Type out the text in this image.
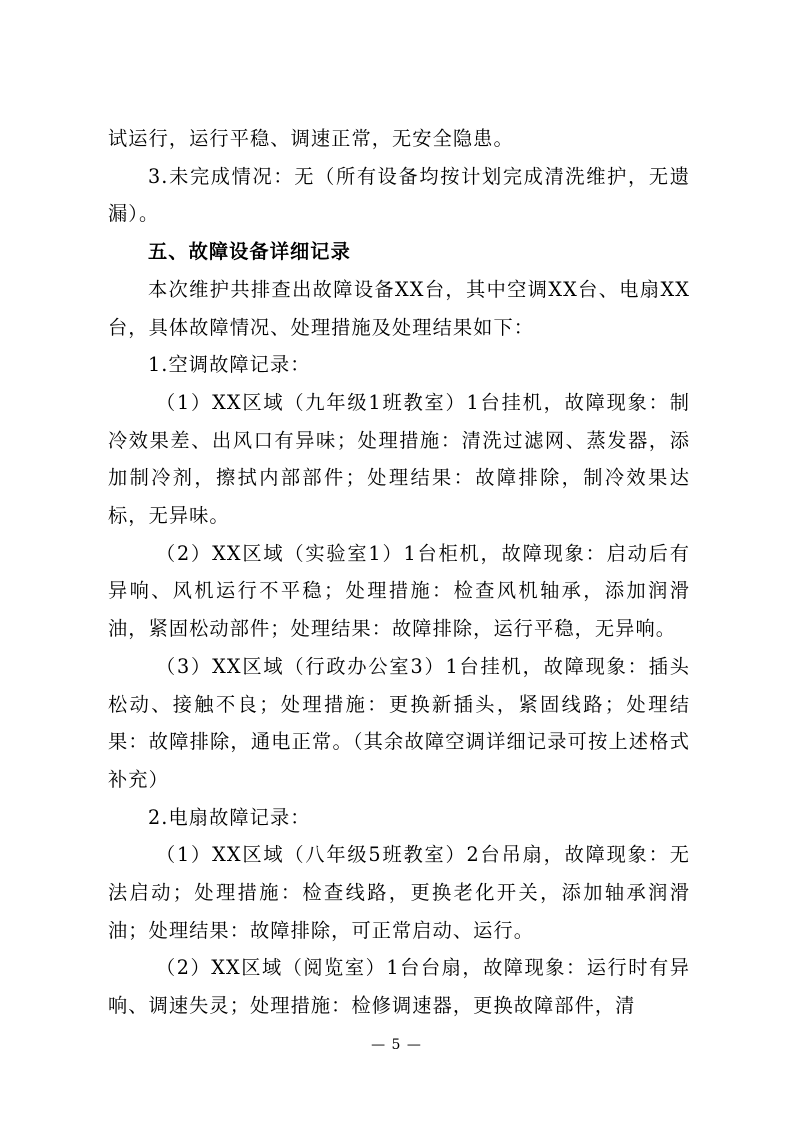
试运行，运行平稳、调速正常，无安全隐患。

3.未完成情况：无（所有设备均按计划完成清洗维护，无遗漏）。

五、故障设备详细记录

本次维护共排查出故障设备XX台，其中空调XX台、电扇XX台，具体故障情况、处理措施及处理结果如下：

1.空调故障记录：

（1）XX区域（九年级1班教室）1台挂机，故障现象：制冷效果差、出风口有异味；处理措施：清洗过滤网、蒸发器，添加制冷剂，擦拭内部部件；处理结果：故障排除，制冷效果达标，无异味。

（2）XX区域（实验室1）1台柜机，故障现象：启动后有异响、风机运行不平稳；处理措施：检查风机轴承，添加润滑油，紧固松动部件；处理结果：故障排除，运行平稳，无异响。

（3）XX区域（行政办公室3）1台挂机，故障现象：插头松动、接触不良；处理措施：更换新插头，紧固线路；处理结果：故障排除，通电正常。（其余故障空调详细记录可按上述格式补充）

2.电扇故障记录：

（1）XX区域（八年级5班教室）2台吊扇，故障现象：无法启动；处理措施：检查线路，更换老化开关，添加轴承润滑油；处理结果：故障排除，可正常启动、运行。

（2）XX区域（阅览室）1台台扇，故障现象：运行时有异响、调速失灵；处理措施：检修调速器，更换故障部件，清

— 5 —
